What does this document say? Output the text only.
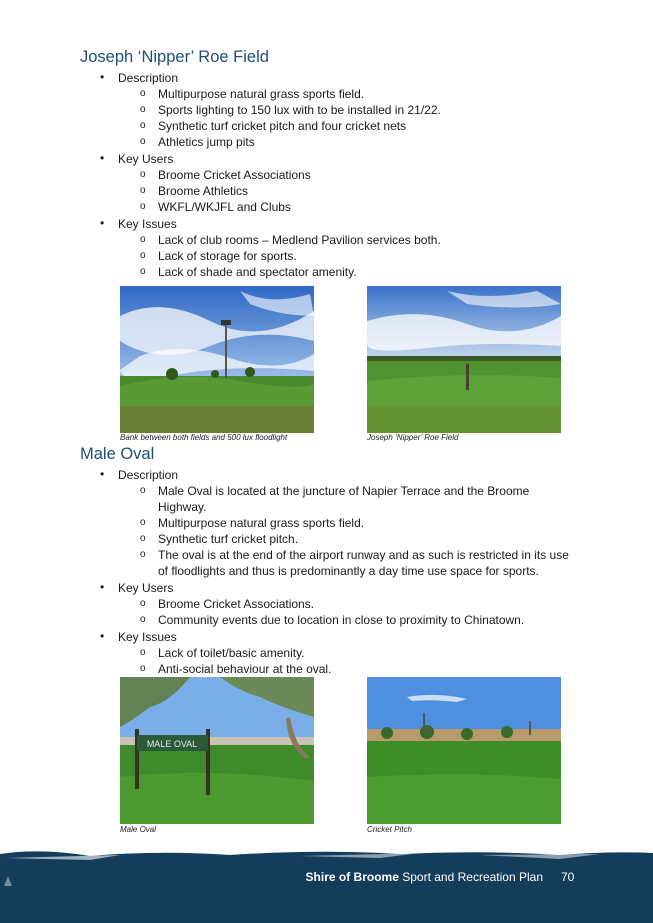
Joseph ‘Nipper’ Roe Field
• Description
o Multipurpose natural grass sports field.
o Sports lighting to 150 lux with to be installed in 21/22.
o Synthetic turf cricket pitch and four cricket nets
o Athletics jump pits
• Key Users
o Broome Cricket Associations
o Broome Athletics
o WKFL/WKJFL and Clubs
• Key Issues
o Lack of club rooms – Medlend Pavilion services both.
o Lack of storage for sports.
o Lack of shade and spectator amenity.
Bank between both fields and 500 lux floodlight	Joseph ‘Nipper’ Roe Field
Male Oval
• Description
o Male Oval is located at the juncture of Napier Terrace and the Broome Highway.
o Multipurpose natural grass sports field.
o Synthetic turf cricket pitch.
o The oval is at the end of the airport runway and as such is restricted in its use of floodlights and thus is predominantly a day time use space for sports.
• Key Users
o Broome Cricket Associations.
o Community events due to location in close to proximity to Chinatown.
• Key Issues
o Lack of toilet/basic amenity.
o Anti-social behaviour at the oval.
MALE OVAL
Male Oval	Cricket Pitch
Shire of Broome Sport and Recreation Plan 70
